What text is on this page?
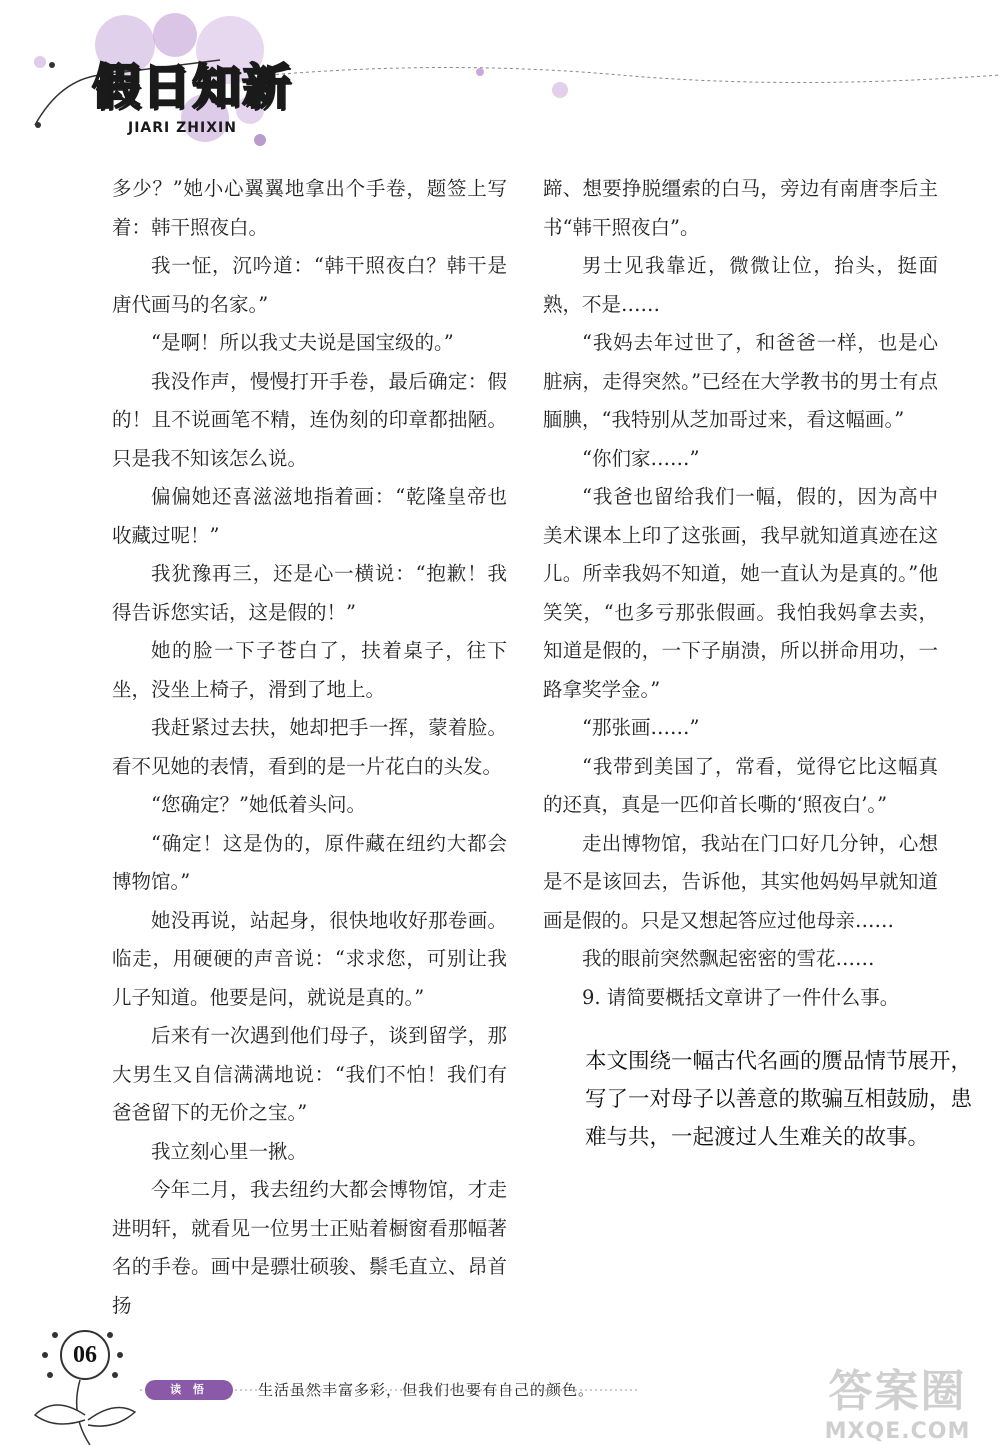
假日知新
JIARI ZHIXIN

多少？”她小心翼翼地拿出个手卷，题签上写着：韩干照夜白。

我一怔，沉吟道：“韩干照夜白？韩干是唐代画马的名家。”

“是啊！所以我丈夫说是国宝级的。”

我没作声，慢慢打开手卷，最后确定：假的！且不说画笔不精，连伪刻的印章都拙陋。只是我不知该怎么说。

偏偏她还喜滋滋地指着画：“乾隆皇帝也收藏过呢！”

我犹豫再三，还是心一横说：“抱歉！我得告诉您实话，这是假的！”

她的脸一下子苍白了，扶着桌子，往下坐，没坐上椅子，滑到了地上。

我赶紧过去扶，她却把手一挥，蒙着脸。看不见她的表情，看到的是一片花白的头发。

“您确定？”她低着头问。

“确定！这是伪的，原件藏在纽约大都会博物馆。”

她没再说，站起身，很快地收好那卷画。临走，用硬硬的声音说：“求求您，可别让我儿子知道。他要是问，就说是真的。”

后来有一次遇到他们母子，谈到留学，那大男生又自信满满地说：“我们不怕！我们有爸爸留下的无价之宝。”

我立刻心里一揪。

今年二月，我去纽约大都会博物馆，才走进明轩，就看见一位男士正贴着橱窗看那幅著名的手卷。画中是骠壮硕骏、鬃毛直立、昂首扬

蹄、想要挣脱缰索的白马，旁边有南唐李后主书“韩干照夜白”。

男士见我靠近，微微让位，抬头，挺面熟，不是……

“我妈去年过世了，和爸爸一样，也是心脏病，走得突然。”已经在大学教书的男士有点腼腆，“我特别从芝加哥过来，看这幅画。”

“你们家……”

“我爸也留给我们一幅，假的，因为高中美术课本上印了这张画，我早就知道真迹在这儿。所幸我妈不知道，她一直认为是真的。”他笑笑，“也多亏那张假画。我怕我妈拿去卖，知道是假的，一下子崩溃，所以拼命用功，一路拿奖学金。”

“那张画……”

“我带到美国了，常看，觉得它比这幅真的还真，真是一匹仰首长嘶的‘照夜白’。”

走出博物馆，我站在门口好几分钟，心想是不是该回去，告诉他，其实他妈妈早就知道画是假的。只是又想起答应过他母亲……

我的眼前突然飘起密密的雪花……

9. 请简要概括文章讲了一件什么事。

本文围绕一幅古代名画的赝品情节展开，写了一对母子以善意的欺骗互相鼓励，患难与共，一起渡过人生难关的故事。
读 悟	生活虽然丰富多彩，但我们也要有自己的颜色。
06
答案圈
MXQE.COM
